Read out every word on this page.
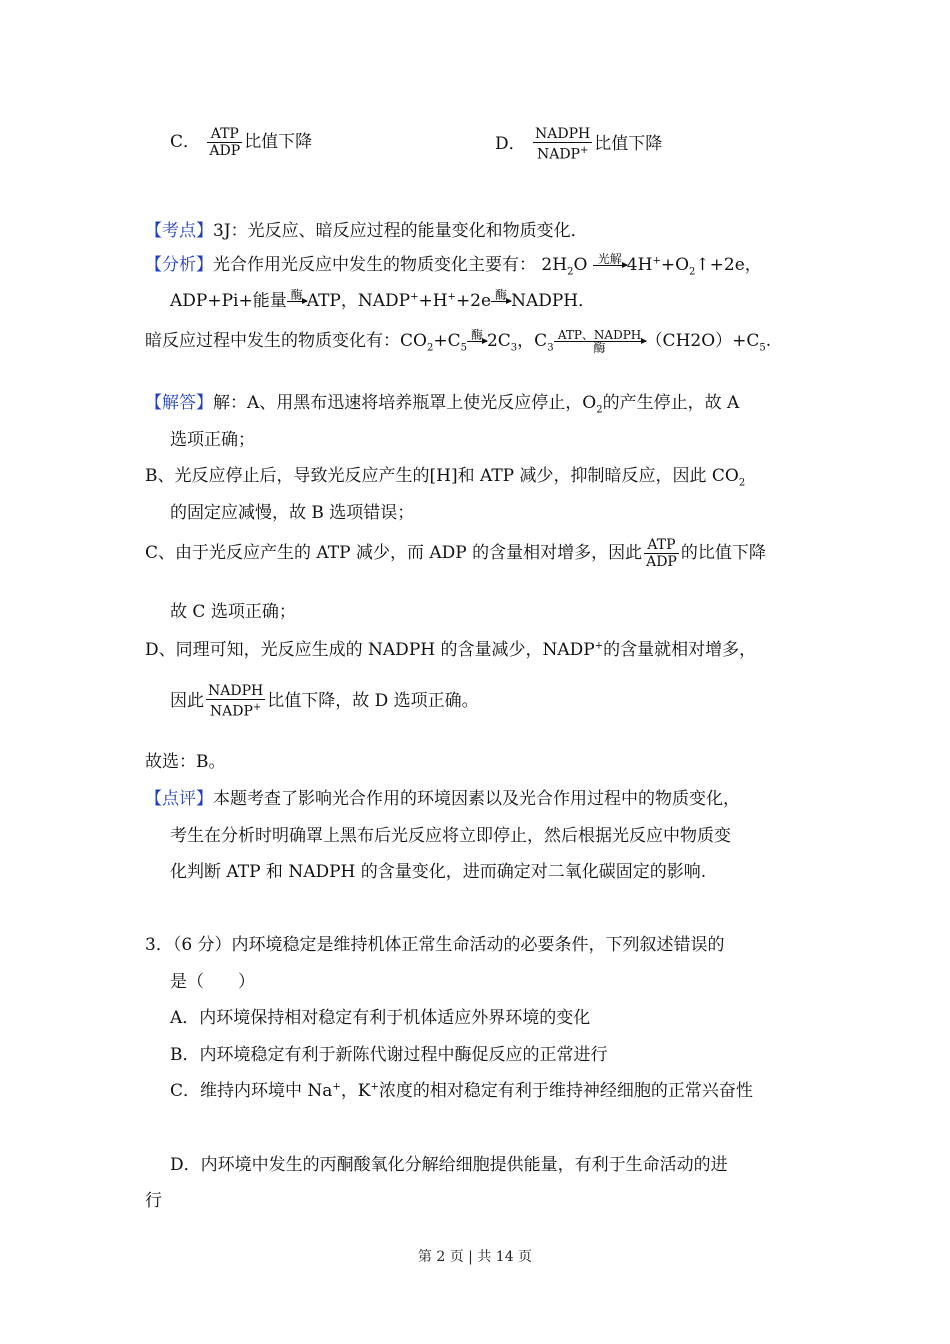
C． $\frac{\text{ATP}}{\text{ADP}}$ 比值下降	D． $\frac{\text{NADPH}}{NADP^+}$ 比值下降
【考点】3J：光反应、暗反应过程的能量变化和物质变化．
【分析】光合作用光反应中发生的物质变化主要有： $2H_2O$ 光解
$4H^++O_2↑+2e$，
ADP+Pi+能量 酶
ATP，NADP++H++2e 酶
NADPH．
暗反应过程中发生的物质变化有：$CO_2+C_5$
酶
$2C_3$，$C_3$
ATP、NADPH
酶	$(CH2O)+C_5$.
【解答】解：A、用黑布迅速将培养瓶罩上使光反应停止，$O_2$的产生停止，故 A
选项正确；
B、光反应停止后，导致光反应产生的[H]和 ATP 减少，抑制暗反应，因此 $CO_2$
的固定应减慢，故 B 选项错误；
C、由于光反应产生的 ATP 减少，而 ADP 的含量相对增多，因此 $\frac{\text{ATP}}{\text{ADP}}$ 的比值下降
故 C 选项正确；
D、同理可知，光反应生成的 NADPH 的含量减少，NADP+的含量就相对增多，
因此 $\frac{\text{NADPH}}{NADP^+}$ 比值下降，故 D 选项正确。
故选：B。
【点评】本题考查了影响光合作用的环境因素以及光合作用过程中的物质变化，
考生在分析时明确罩上黑布后光反应将立即停止，然后根据光反应中物质变
化判断 ATP 和 NADPH 的含量变化，进而确定对二氧化碳固定的影响.
3．（6 分）内环境稳定是维持机体正常生命活动的必要条件，下列叙述错误的
是（　　）
A．内环境保持相对稳定有利于机体适应外界环境的变化
B．内环境稳定有利于新陈代谢过程中酶促反应的正常进行
C．维持内环境中 Na+，K+浓度的相对稳定有利于维持神经细胞的正常兴奋性
D．内环境中发生的丙酮酸氧化分解给细胞提供能量，有利于生命活动的进
行
第 2 页 | 共 14 页
